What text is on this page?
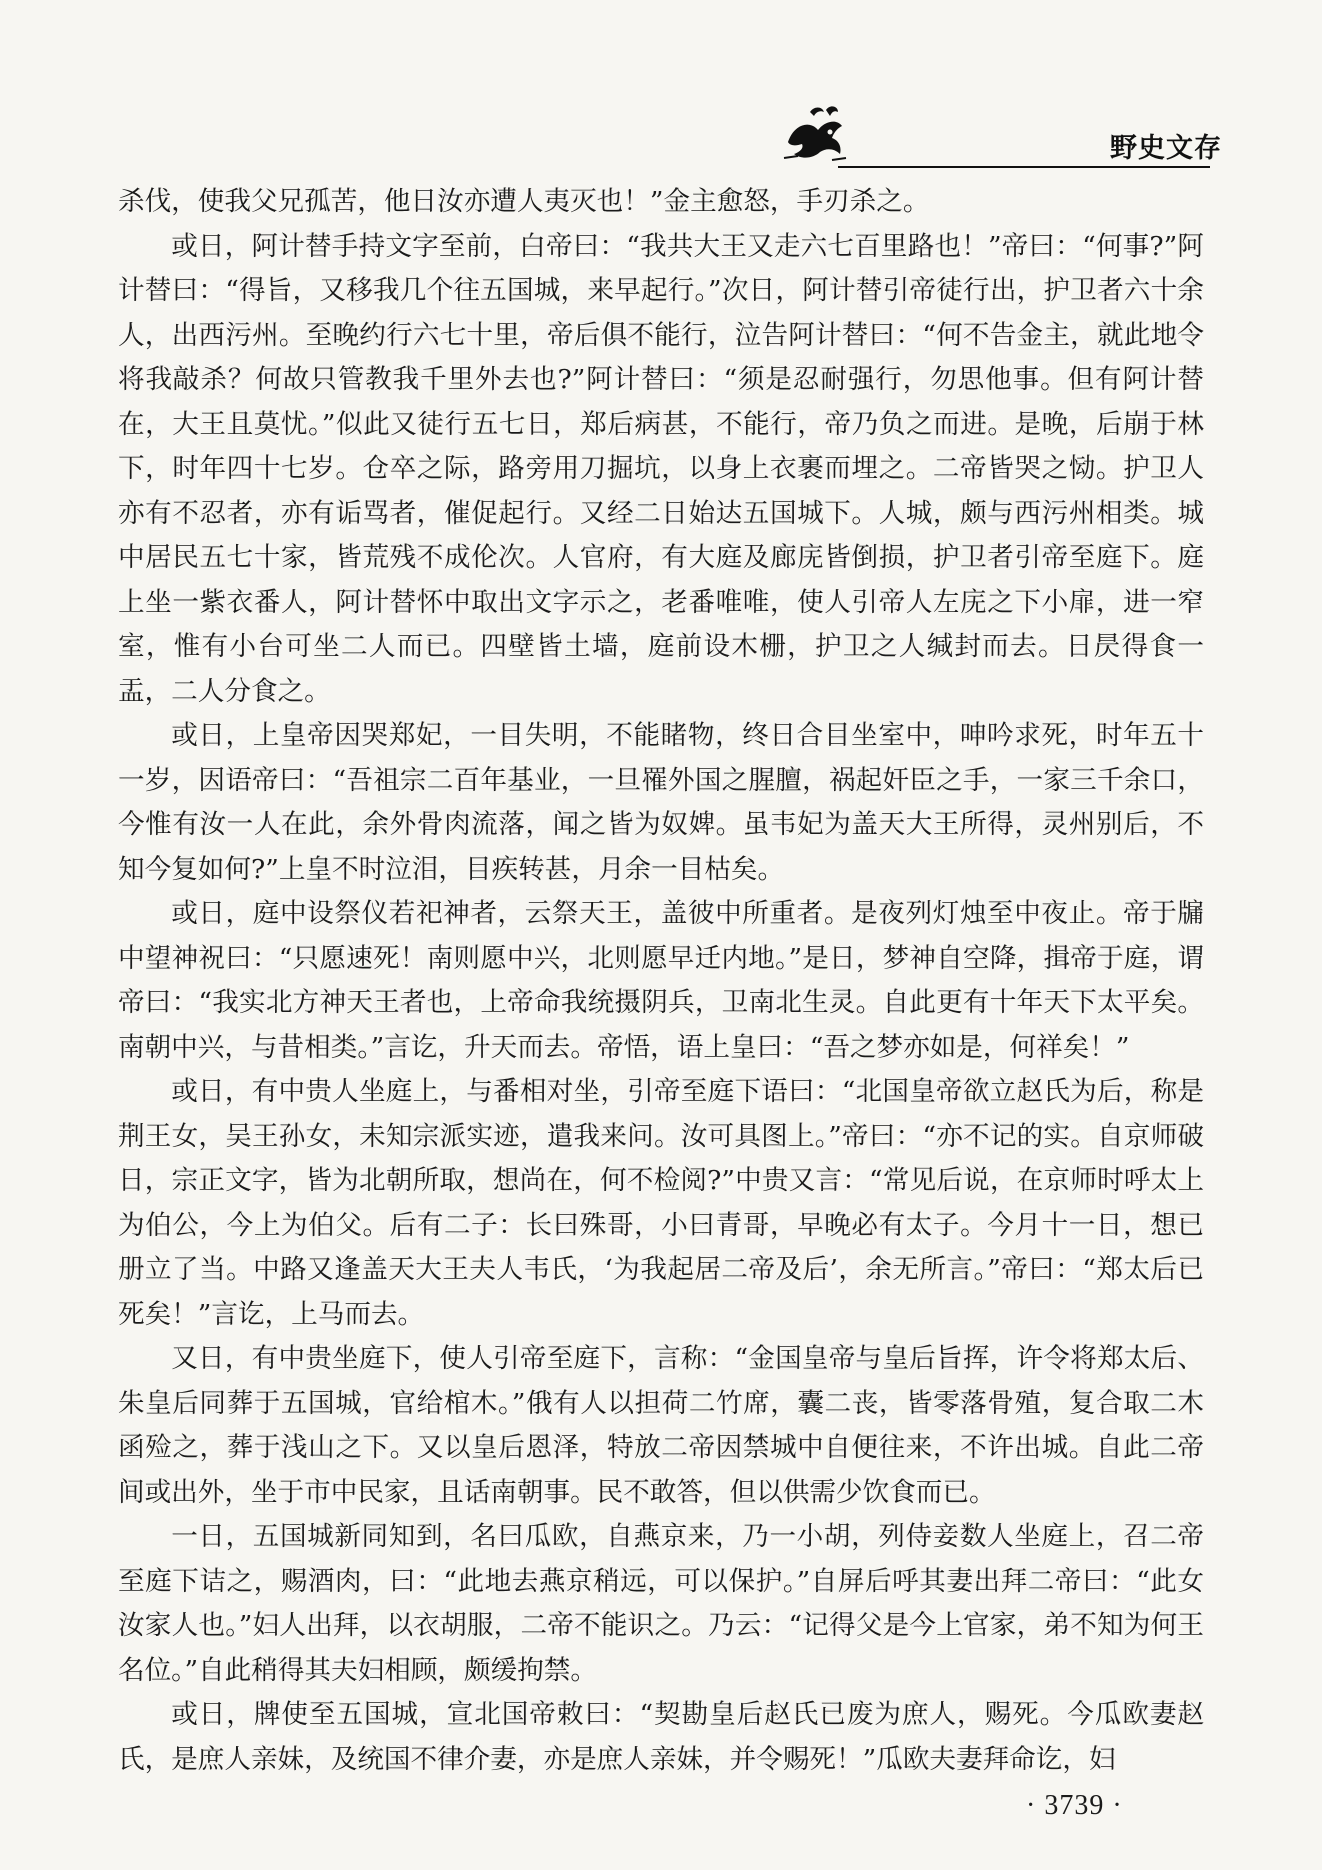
野史文存

杀伐，使我父兄孤苦，他日汝亦遭人夷灭也！”金主愈怒，手刃杀之。

或日，阿计替手持文字至前，白帝曰：“我共大王又走六七百里路也！”帝曰：“何事?”阿计替曰：“得旨，又移我几个往五国城，来早起行。”次日，阿计替引帝徒行出，护卫者六十余人，出西污州。至晚约行六七十里，帝后俱不能行，泣告阿计替曰：“何不告金主，就此地令将我敲杀？何故只管教我千里外去也?”阿计替曰：“须是忍耐强行，勿思他事。但有阿计替在，大王且莫忧。”似此又徒行五七日，郑后病甚，不能行，帝乃负之而进。是晚，后崩于林下，时年四十七岁。仓卒之际，路旁用刀掘坑，以身上衣裹而埋之。二帝皆哭之恸。护卫人亦有不忍者，亦有诟骂者，催促起行。又经二日始达五国城下。人城，颇与西污州相类。城中居民五七十家，皆荒残不成伦次。人官府，有大庭及廊庑皆倒损，护卫者引帝至庭下。庭上坐一紫衣番人，阿计替怀中取出文字示之，老番唯唯，使人引帝人左庑之下小扉，进一窄室，惟有小台可坐二人而已。四壁皆土墙，庭前设木栅，护卫之人缄封而去。日昃得食一盂，二人分食之。

或日，上皇帝因哭郑妃，一目失明，不能睹物，终日合目坐室中，呻吟求死，时年五十一岁，因语帝曰：“吾祖宗二百年基业，一旦罹外国之腥膻，祸起奸臣之手，一家三千余口，今惟有汝一人在此，余外骨肉流落，闻之皆为奴婢。虽韦妃为盖天大王所得，灵州别后，不知今复如何?”上皇不时泣泪，目疾转甚，月余一目枯矣。

或日，庭中设祭仪若祀神者，云祭天王，盖彼中所重者。是夜列灯烛至中夜止。帝于牖中望神祝曰：“只愿速死！南则愿中兴，北则愿早迁内地。”是日，梦神自空降，揖帝于庭，谓帝曰：“我实北方神天王者也，上帝命我统摄阴兵，卫南北生灵。自此更有十年天下太平矣。南朝中兴，与昔相类。”言讫，升天而去。帝悟，语上皇曰：“吾之梦亦如是，何祥矣！”

或日，有中贵人坐庭上，与番相对坐，引帝至庭下语曰：“北国皇帝欲立赵氏为后，称是荆王女，吴王孙女，未知宗派实迹，遣我来问。汝可具图上。”帝曰：“亦不记的实。自京师破日，宗正文字，皆为北朝所取，想尚在，何不检阅?”中贵又言：“常见后说，在京师时呼太上为伯公，今上为伯父。后有二子：长曰殊哥，小曰青哥，早晚必有太子。今月十一日，想已册立了当。中路又逢盖天大王夫人韦氏，‘为我起居二帝及后’，余无所言。”帝曰：“郑太后已死矣！”言讫，上马而去。

又日，有中贵坐庭下，使人引帝至庭下，言称：“金国皇帝与皇后旨挥，许令将郑太后、朱皇后同葬于五国城，官给棺木。”俄有人以担荷二竹席，囊二丧，皆零落骨殖，复合取二木函殓之，葬于浅山之下。又以皇后恩泽，特放二帝因禁城中自便往来，不许出城。自此二帝间或出外，坐于市中民家，且话南朝事。民不敢答，但以供需少饮食而已。

一日，五国城新同知到，名曰瓜欧，自燕京来，乃一小胡，列侍妾数人坐庭上，召二帝至庭下诘之，赐酒肉，曰：“此地去燕京稍远，可以保护。”自屏后呼其妻出拜二帝曰：“此女汝家人也。”妇人出拜，以衣胡服，二帝不能识之。乃云：“记得父是今上官家，弟不知为何王名位。”自此稍得其夫妇相顾，颇缓拘禁。

或日，牌使至五国城，宣北国帝敕曰：“契勘皇后赵氏已废为庶人，赐死。今瓜欧妻赵氏，是庶人亲妹，及统国不律介妻，亦是庶人亲妹，并令赐死！”瓜欧夫妻拜命讫，妇

· 3739 ·
